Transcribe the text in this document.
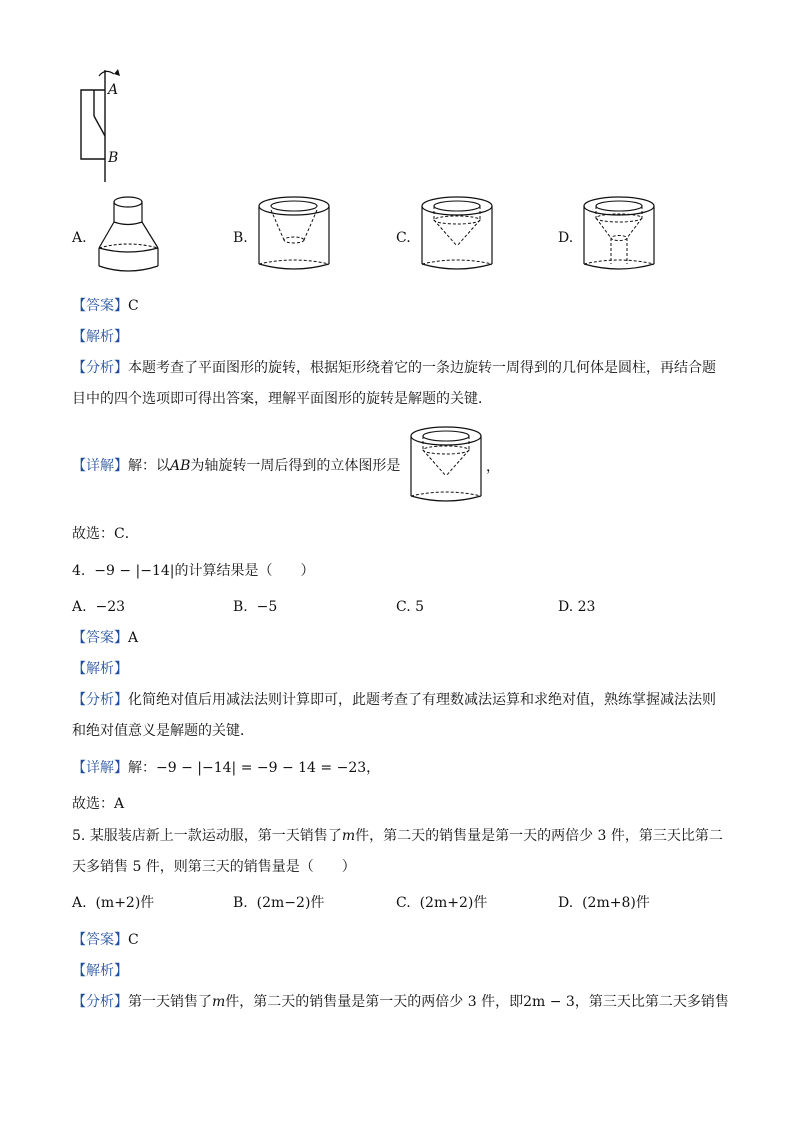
A
B
A.	B.	C.	D.
【答案】C
【解析】
【分析】本题考查了平面图形的旋转，根据矩形绕着它的一条边旋转一周得到的几何体是圆柱，再结合题
目中的四个选项即可得出答案，理解平面图形的旋转是解题的关键．
【详解】解：以AB为轴旋转一周后得到的立体图形是	，
故选：C．
4. −9 − |−14|的计算结果是（　　）
A. −23	B. −5	C. 5	D. 23
【答案】A
【解析】
【分析】化简绝对值后用减法法则计算即可，此题考查了有理数减法运算和求绝对值，熟练掌握减法法则
和绝对值意义是解题的关键．
【详解】解：−9 − |−14| = −9 − 14 = −23，
故选：A
5. 某服装店新上一款运动服，第一天销售了m件，第二天的销售量是第一天的两倍少 3 件，第三天比第二
天多销售 5 件，则第三天的销售量是（　　）
A. (m+2)件	B. (2m−2)件	C. (2m+2)件	D. (2m+8)件
【答案】C
【解析】
【分析】第一天销售了m件，第二天的销售量是第一天的两倍少 3 件，即2m − 3，第三天比第二天多销售
